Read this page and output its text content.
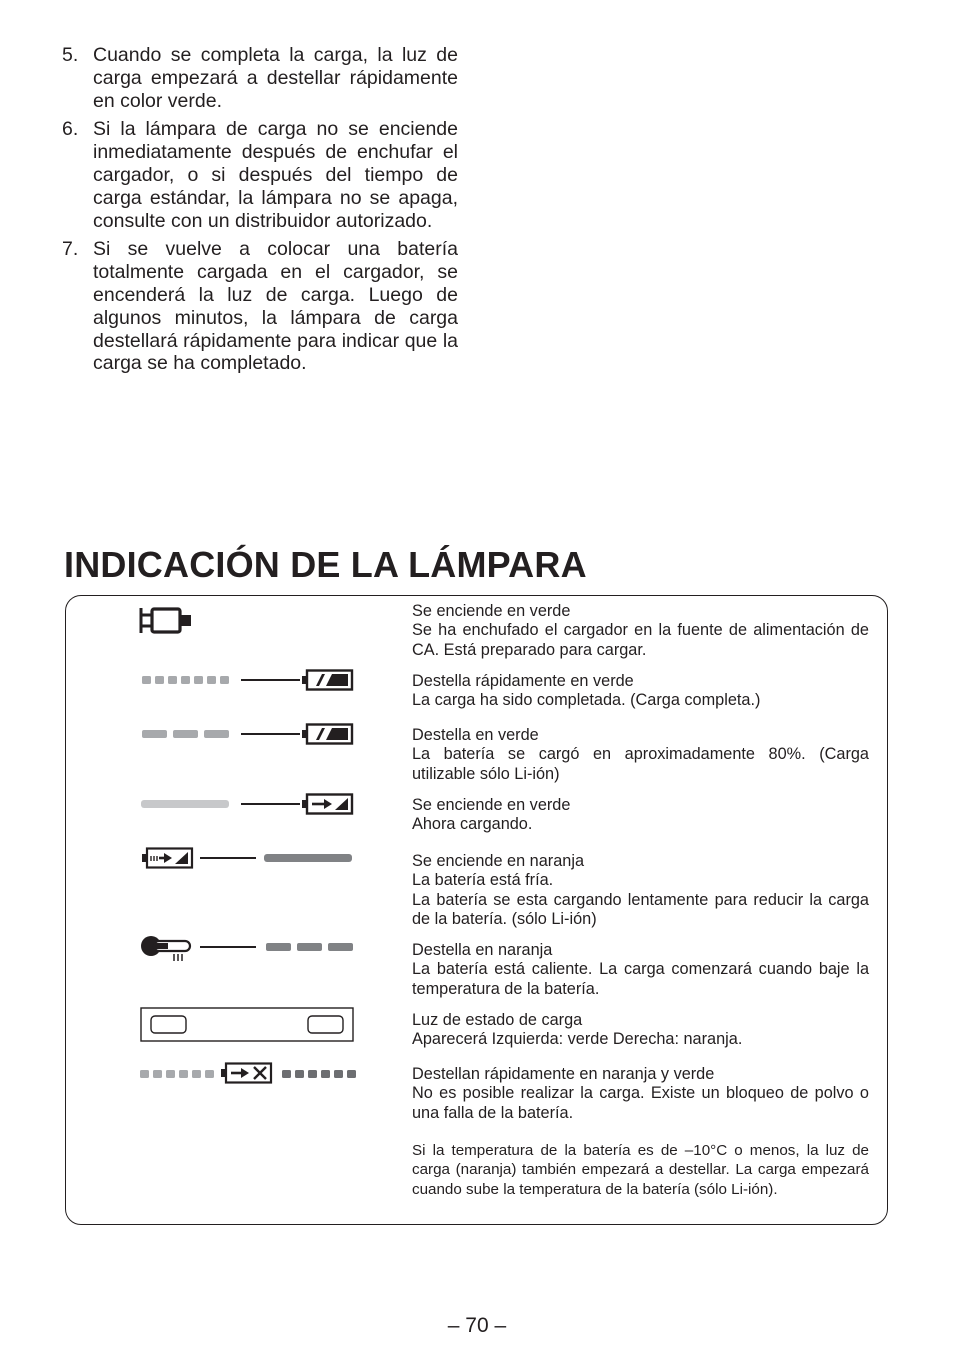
5. Cuando se completa la carga, la luz de carga empezará a destellar rápidamente en color verde.
6. Si la lámpara de carga no se enciende inmediatamente después de enchufar el cargador, o si después del tiempo de carga estándar, la lámpara no se apaga, consulte con un distribuidor autorizado.
7. Si se vuelve a colocar una batería totalmente cargada en el cargador, se encenderá la luz de carga. Luego de algunos minutos, la lámpara de carga destellará rápidamente para indicar que la carga se ha completado.
INDICACIÓN DE LA LÁMPARA
Se enciende en verde
Se ha enchufado el cargador en la fuente de alimentación de CA. Está preparado para cargar.
Destella rápidamente en verde
La carga ha sido completada. (Carga completa.)
Destella en verde
La batería se cargó en aproximadamente 80%. (Carga utilizable sólo Li-ión)
Se enciende en verde
Ahora cargando.
Se enciende en naranja
La batería está fría.
La batería se esta cargando lentamente para reducir la carga de la batería. (sólo Li-ión)
Destella en naranja
La batería está caliente. La carga comenzará cuando baje la temperatura de la batería.
Luz de estado de carga
Aparecerá Izquierda: verde Derecha: naranja.
Destellan rápidamente en naranja y verde
No es posible realizar la carga. Existe un bloqueo de polvo o una falla de la batería.
Si la temperatura de la batería es de –10°C o menos, la luz de carga (naranja) también empezará a destellar. La carga empezará cuando sube la temperatura de la batería (sólo Li-ión).
– 70 –
